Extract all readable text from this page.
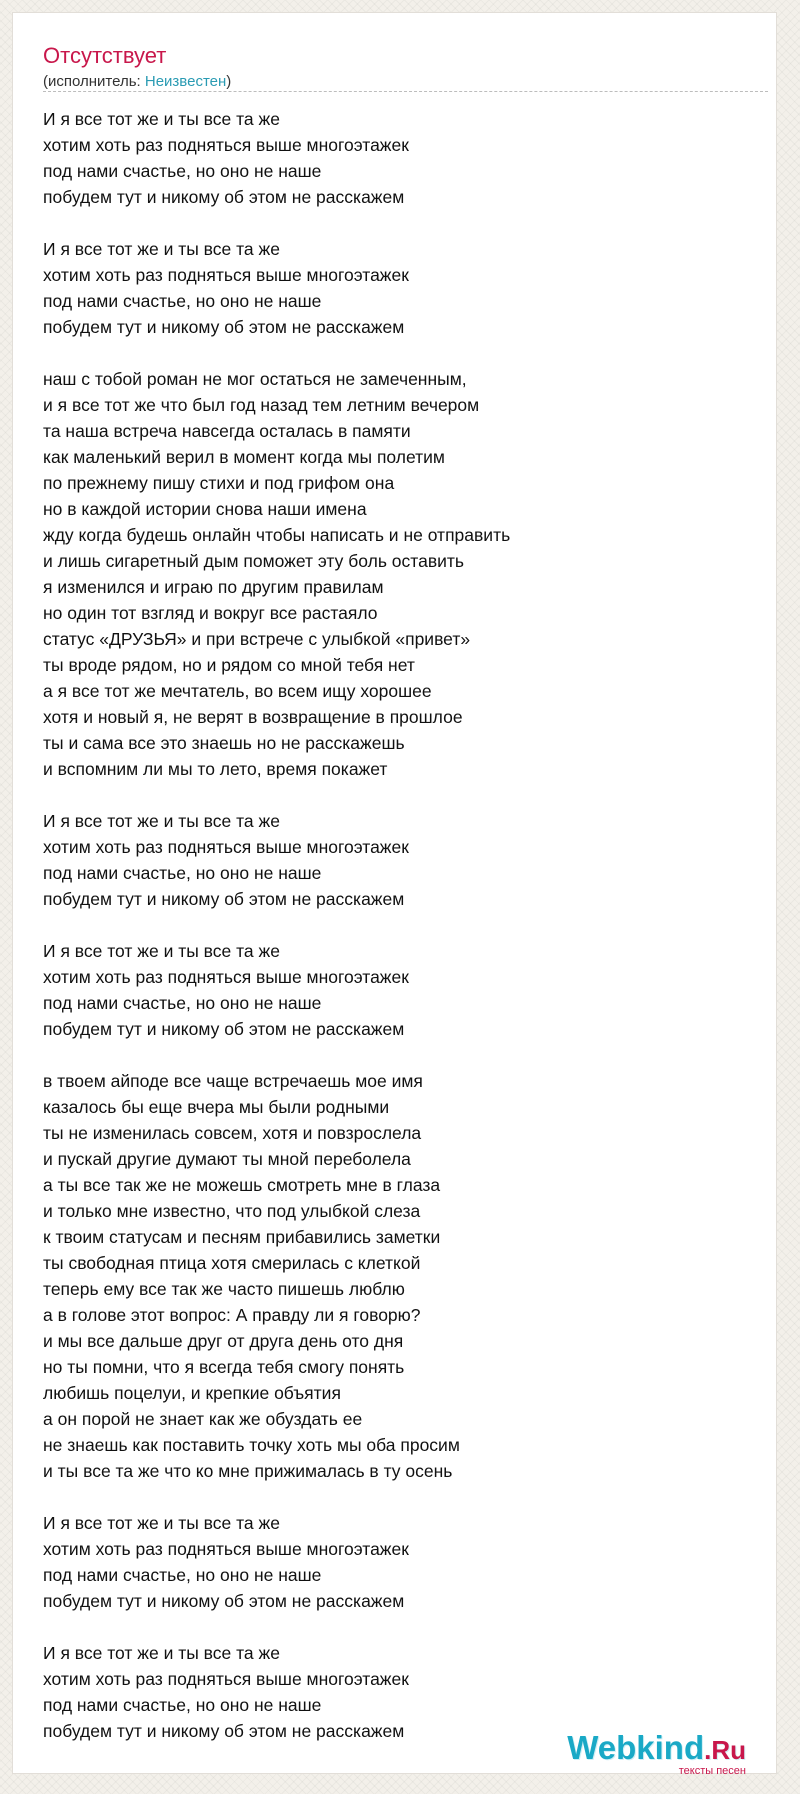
Отсутствует
(исполнитель: Неизвестен)
И я все тот же и ты все та же
хотим хоть раз подняться выше многоэтажек
под нами счастье, но оно не наше
побудем тут и никому об этом не расскажем
И я все тот же и ты все та же
хотим хоть раз подняться выше многоэтажек
под нами счастье, но оно не наше
побудем тут и никому об этом не расскажем
наш с тобой роман не мог остаться не замеченным,
и я все тот же что был год назад тем летним вечером
та наша встреча навсегда осталась в памяти
как маленький верил в момент когда мы полетим
по прежнему пишу стихи и под грифом она
но в каждой истории снова наши имена
жду когда будешь онлайн чтобы написать и не отправить
и лишь сигаретный дым поможет эту боль оставить
я изменился и играю по другим правилам
но один тот взгляд и вокруг все растаяло
статус «ДРУЗЬЯ» и при встрече с улыбкой «привет»
ты вроде рядом, но и рядом со мной тебя нет
а я все тот же мечтатель, во всем ищу хорошее
хотя и новый я, не верят в возвращение в прошлое
ты и сама все это знаешь но не расскажешь
и вспомним ли мы то лето, время покажет
И я все тот же и ты все та же
хотим хоть раз подняться выше многоэтажек
под нами счастье, но оно не наше
побудем тут и никому об этом не расскажем
И я все тот же и ты все та же
хотим хоть раз подняться выше многоэтажек
под нами счастье, но оно не наше
побудем тут и никому об этом не расскажем
в твоем айподе все чаще встречаешь мое имя
казалось бы еще вчера мы были родными
ты не изменилась совсем, хотя и повзрослела
и пускай другие думают ты мной переболела
а ты все так же не можешь смотреть мне в глаза
и только мне известно, что под улыбкой слеза
к твоим статусам и песням прибавились заметки
ты свободная птица хотя смерилась с клеткой
теперь ему все так же часто пишешь люблю
а в голове этот вопрос: А правду ли я говорю?
и мы все дальше друг от друга день ото дня
но ты помни, что я всегда тебя смогу понять
любишь поцелуи, и крепкие объятия
а он порой не знает как же обуздать ее
не знаешь как поставить точку хоть мы оба просим
и ты все та же что ко мне прижималась в ту осень
И я все тот же и ты все та же
хотим хоть раз подняться выше многоэтажек
под нами счастье, но оно не наше
побудем тут и никому об этом не расскажем
И я все тот же и ты все та же
хотим хоть раз подняться выше многоэтажек
под нами счастье, но оно не наше
побудем тут и никому об этом не расскажем	Webkind.Ru
тексты песен
